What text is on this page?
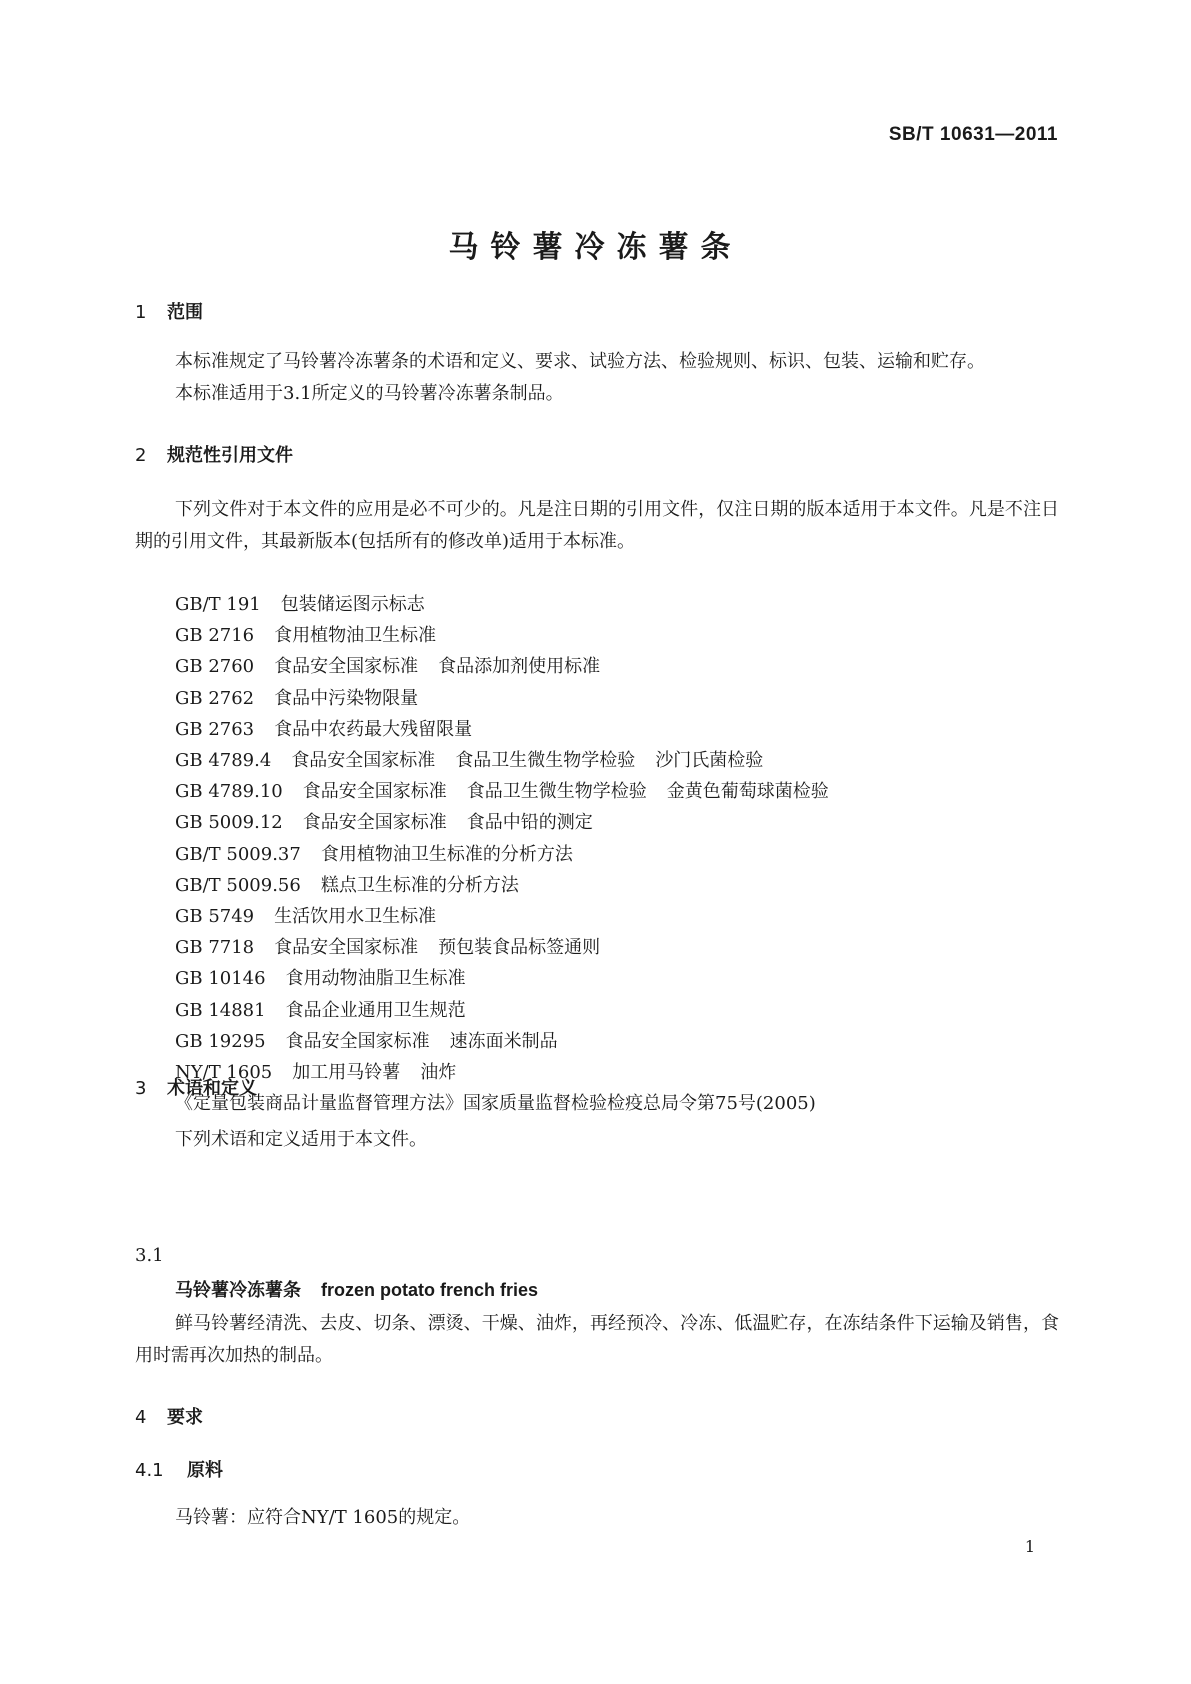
SB/T 10631—2011
马铃薯冷冻薯条
1 范围

本标准规定了马铃薯冷冻薯条的术语和定义、要求、试验方法、检验规则、标识、包装、运输和贮存。

本标准适用于3.1所定义的马铃薯冷冻薯条制品。

2 规范性引用文件

下列文件对于本文件的应用是必不可少的。凡是注日期的引用文件，仅注日期的版本适用于本文件。凡是不注日期的引用文件，其最新版本(包括所有的修改单)适用于本标准。

GB/T 191 包装储运图示标志
GB 2716 食用植物油卫生标准
GB 2760 食品安全国家标准 食品添加剂使用标准
GB 2762 食品中污染物限量
GB 2763 食品中农药最大残留限量
GB 4789.4 食品安全国家标准 食品卫生微生物学检验 沙门氏菌检验
GB 4789.10 食品安全国家标准 食品卫生微生物学检验 金黄色葡萄球菌检验
GB 5009.12 食品安全国家标准 食品中铅的测定
GB/T 5009.37 食用植物油卫生标准的分析方法
GB/T 5009.56 糕点卫生标准的分析方法
GB 5749 生活饮用水卫生标准
GB 7718 食品安全国家标准 预包装食品标签通则
GB 10146 食用动物油脂卫生标准
GB 14881 食品企业通用卫生规范
GB 19295 食品安全国家标准 速冻面米制品
NY/T 1605 加工用马铃薯 油炸
《定量包装商品计量监督管理方法》国家质量监督检验检疫总局令第75号(2005)
3 术语和定义

下列术语和定义适用于本文件。

3.1
马铃薯冷冻薯条 frozen potato french fries

鲜马铃薯经清洗、去皮、切条、漂烫、干燥、油炸，再经预冷、冷冻、低温贮存，在冻结条件下运输及销售，食用时需再次加热的制品。

4 要求
4.1 原料

马铃薯：应符合NY/T 1605的规定。

1
